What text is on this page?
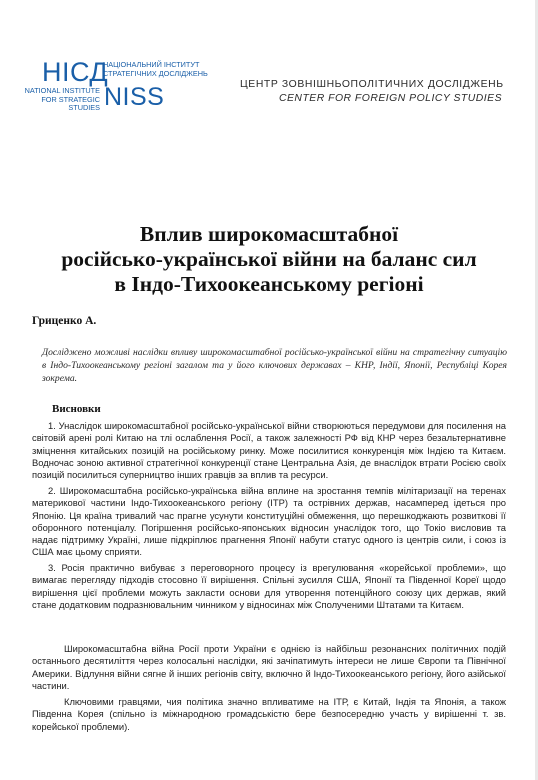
НІСД
НАЦІОНАЛЬНИЙ ІНСТИТУТ
СТРАТЕГІЧНИХ ДОСЛІДЖЕНЬ
NATIONAL INSTITUTE
FOR STRATEGIC STUDIES NISS	ЦЕНТР ЗОВНІШНЬОПОЛІТИЧНИХ ДОСЛІДЖЕНЬ
CENTER FOR FOREIGN POLICY STUDIES
Вплив широкомасштабної
російсько-української війни на баланс сил
в Індо-Тихоокеанському регіоні
Гриценко А.
Досліджено можливі наслідки впливу широкомасштабної російсько-української війни на стратегічну ситуацію в Індо-Тихоокеанському регіоні загалом та у його ключових державах – КНР, Індії, Японії, Республіці Корея зокрема.
Висновки
1. Унаслідок широкомасштабної російсько-української війни створюються передумови для посилення на світовій арені ролі Китаю на тлі ослаблення Росії, а також залежності РФ від КНР через безальтернативне зміцнення китайських позицій на російському ринку. Може посилитися конкуренція між Індією та Китаєм. Водночас зоною активної стратегічної конкуренції стане Центральна Азія, де внаслідок втрати Росією своїх позицій посилиться суперництво інших гравців за вплив та ресурси.
2. Широкомасштабна російсько-українська війна вплине на зростання темпів мілітаризації на теренах материкової частини Індо-Тихоокеанського регіону (ІТР) та острівних держав, насамперед ідеться про Японію. Ця країна тривалий час прагне усунути конституційні обмеження, що перешкоджають розвиткові її оборонного потенціалу. Погіршення російсько-японських відносин унаслідок того, що Токіо висловив та надає підтримку Україні, лише підкріплює прагнення Японії набути статус одного із центрів сили, і союз із США має цьому сприяти.
3. Росія практично вибуває з переговорного процесу із врегулювання «корейської проблеми», що вимагає перегляду підходів стосовно її вирішення. Спільні зусилля США, Японії та Південної Кореї щодо вирішення цієї проблеми можуть закласти основи для утворення потенційного союзу цих держав, який стане додатковим подразнювальним чинником у відносинах між Сполученими Штатами та Китаєм.
Широкомасштабна війна Росії проти України є однією із найбільш резонансних політичних подій останнього десятиліття через колосальні наслідки, які зачіпатимуть інтереси не лише Європи та Північної Америки. Відлуння війни сягне й інших регіонів світу, включно й Індо-Тихоокеанського регіону, його азійської частини.
Ключовими гравцями, чия політика значно впливатиме на ІТР, є Китай, Індія та Японія, а також Південна Корея (спільно із міжнародною громадськістю бере безпосередню участь у вирішенні т. зв. корейської проблеми).
